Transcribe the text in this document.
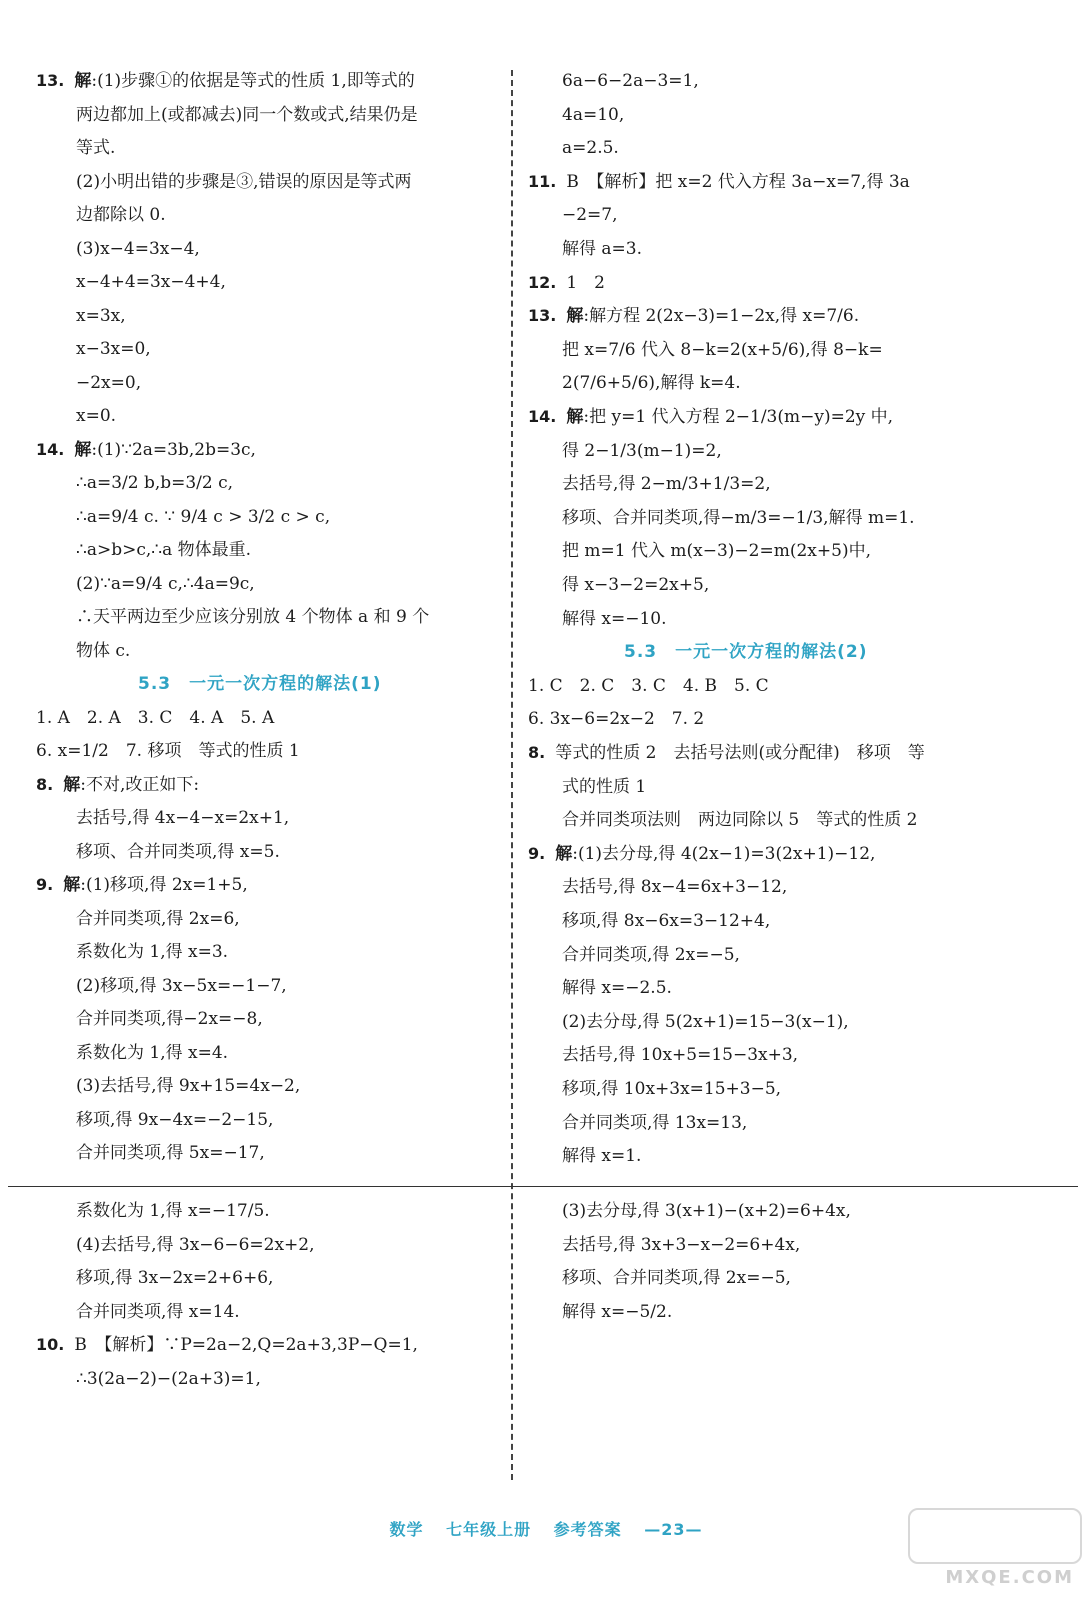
13. 解:(1)步骤①的依据是等式的性质 1,即等式的
两边都加上(或都减去)同一个数或式,结果仍是
等式.
(2)小明出错的步骤是③,错误的原因是等式两
边都除以 0.
(3)x−4=3x−4,
x−4+4=3x−4+4,
x=3x,
x−3x=0,
−2x=0,
x=0.
14. 解:(1)∵2a=3b,2b=3c,
∴a=3/2 b,b=3/2 c,
∴a=9/4 c. ∵ 9/4 c > 3/2 c > c,
∴a>b>c,∴a 物体最重.
(2)∵a=9/4 c,∴4a=9c,
∴天平两边至少应该分别放 4 个物体 a 和 9 个
物体 c.
5.3　一元一次方程的解法(1)
1. A　2. A　3. C　4. A　5. A
6. x=1/2　7. 移项　等式的性质 1
8. 解:不对,改正如下:
去括号,得 4x−4−x=2x+1,
移项、合并同类项,得 x=5.
9. 解:(1)移项,得 2x=1+5,
合并同类项,得 2x=6,
系数化为 1,得 x=3.
(2)移项,得 3x−5x=−1−7,
合并同类项,得−2x=−8,
系数化为 1,得 x=4.
(3)去括号,得 9x+15=4x−2,
移项,得 9x−4x=−2−15,
合并同类项,得 5x=−17,
系数化为 1,得 x=−17/5.
(4)去括号,得 3x−6−6=2x+2,
移项,得 3x−2x=2+6+6,
合并同类项,得 x=14.
10. B　【解析】∵P=2a−2,Q=2a+3,3P−Q=1,
∴3(2a−2)−(2a+3)=1,
6a−6−2a−3=1,
4a=10,
a=2.5.
11. B　【解析】把 x=2 代入方程 3a−x=7,得 3a
−2=7,
解得 a=3.
12. 1　2
13. 解:解方程 2(2x−3)=1−2x,得 x=7/6.
把 x=7/6 代入 8−k=2(x+5/6),得 8−k=
2(7/6+5/6),解得 k=4.
14. 解:把 y=1 代入方程 2−1/3(m−y)=2y 中,
得 2−1/3(m−1)=2,
去括号,得 2−m/3+1/3=2,
移项、合并同类项,得−m/3=−1/3,解得 m=1.
把 m=1 代入 m(x−3)−2=m(2x+5)中,
得 x−3−2=2x+5,
解得 x=−10.
5.3　一元一次方程的解法(2)
1. C　2. C　3. C　4. B　5. C
6. 3x−6=2x−2　7. 2
8. 等式的性质 2　去括号法则(或分配律)　移项　等
式的性质 1
合并同类项法则　两边同除以 5　等式的性质 2
9. 解:(1)去分母,得 4(2x−1)=3(2x+1)−12,
去括号,得 8x−4=6x+3−12,
移项,得 8x−6x=3−12+4,
合并同类项,得 2x=−5,
解得 x=−2.5.
(2)去分母,得 5(2x+1)=15−3(x−1),
去括号,得 10x+5=15−3x+3,
移项,得 10x+3x=15+3−5,
合并同类项,得 13x=13,
解得 x=1.
(3)去分母,得 3(x+1)−(x+2)=6+4x,
去括号,得 3x+3−x−2=6+4x,
移项、合并同类项,得 2x=−5,
解得 x=−5/2.
数学 七年级上册 参考答案 —23—
MXQE.COM
